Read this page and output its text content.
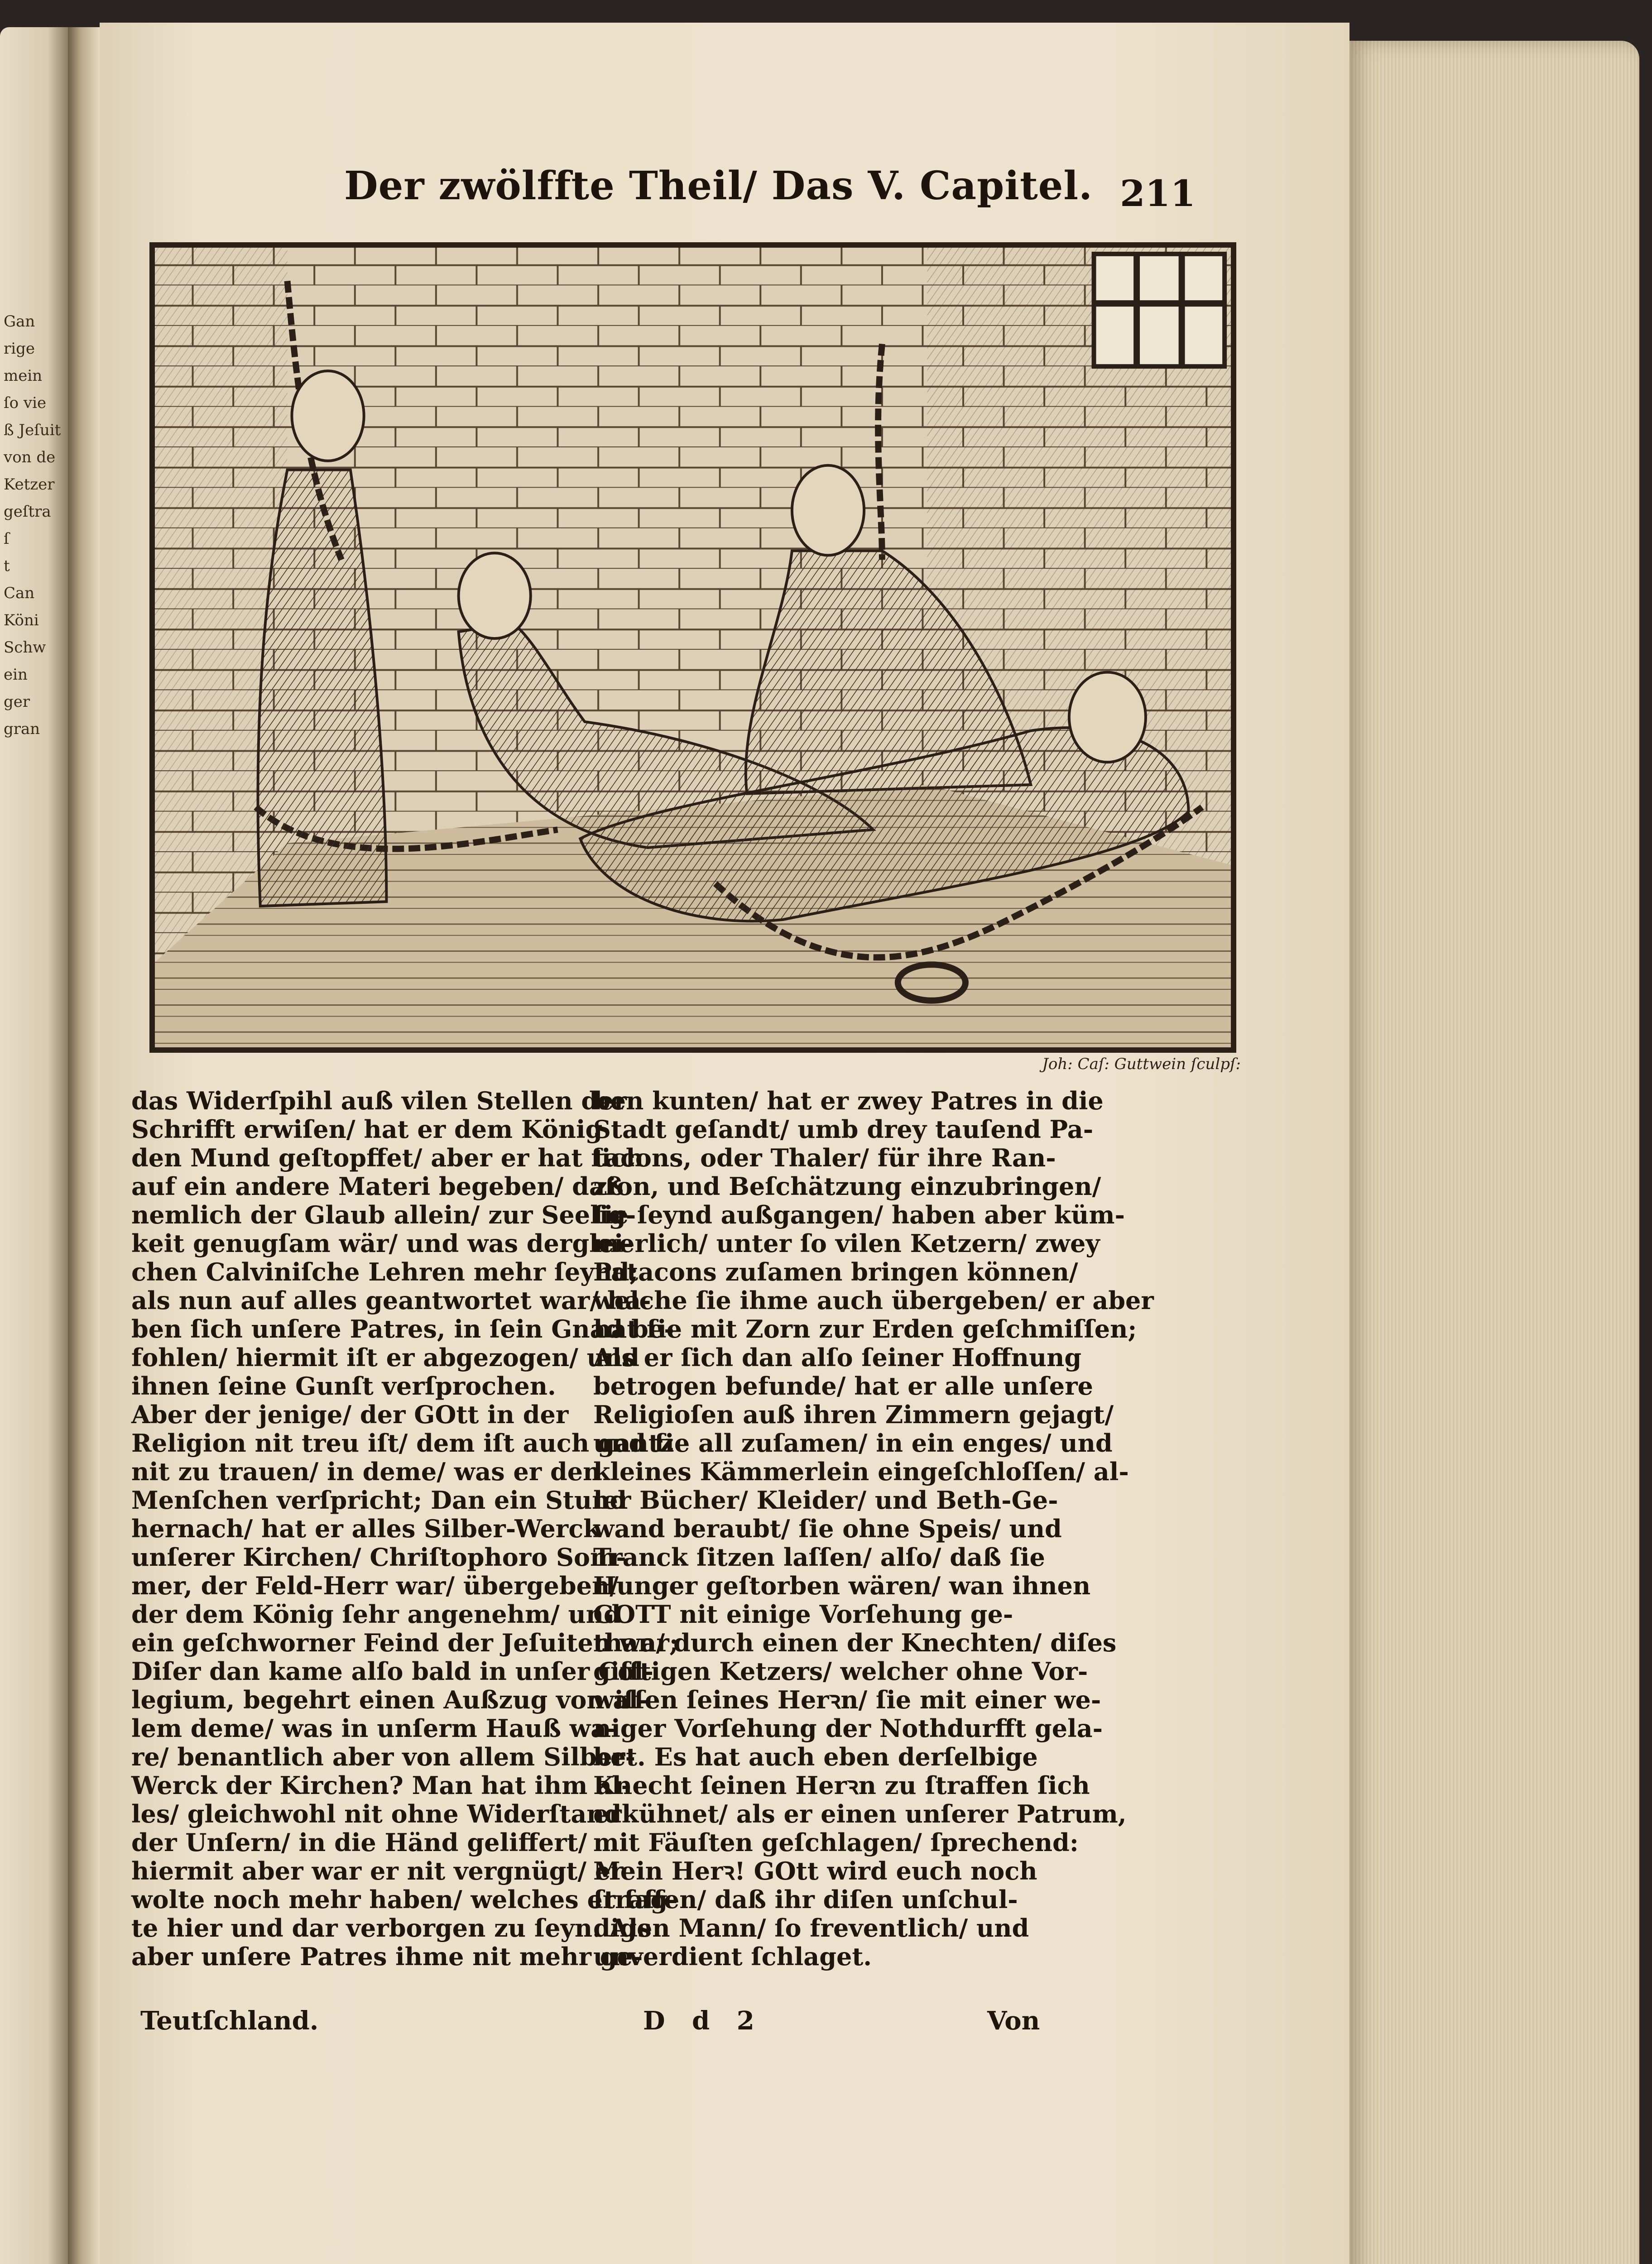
Gan
rige
mein
ſo vie
ß Jeſuit
von de
Ketzer
geſtra
ſ
t
Can
Köni
Schw
ein
ger
gran
Der zwölffte Theil/ Das V. Capitel. 211
Joh: Caſ: Guttwein ſculpſ:
das Widerſpihl auß vilen Stellen der
Schrifft erwiſen/ hat er dem König
den Mund geſtopffet/ aber er hat ſich
auf ein andere Materi begeben/ daß
nemlich der Glaub allein/ zur Seelig-
keit genugſam wär/ und was derglei-
chen Calviniſche Lehren mehr ſeynd;
als nun auf alles geantwortet war/ ha-
ben ſich unſere Patres, in ſein Gnad be-
fohlen/ hiermit iſt er abgezogen/ und
ihnen ſeine Gunſt verſprochen.
Aber der jenige/ der GOtt in der
Religion nit treu iſt/ dem iſt auch gantz
nit zu trauen/ in deme/ was er den
Menſchen verſpricht; Dan ein Stund
hernach/ hat er alles Silber-Werck
unſerer Kirchen/ Chriſtophoro Som-
mer, der Feld-Herr war/ übergeben/
der dem König ſehr angenehm/ und
ein geſchworner Feind der Jeſuiten war;
Diſer dan kame alſo bald in unſer Col-
legium, begehrt einen Außzug von al-
lem deme/ was in unſerm Hauß wa-
re/ benantlich aber von allem Silber-
Werck der Kirchen? Man hat ihm al-
les/ gleichwohl nit ohne Widerſtand
der Unſern/ in die Händ geliffert/
hiermit aber war er nit vergnügt/ er
wolte noch mehr haben/ welches er ſag-
te hier und dar verborgen zu ſeyn. Als
aber unſere Patres ihme nit mehr ge-
ben kunten/ hat er zwey Patres in die
Stadt geſandt/ umb drey tauſend Pa-
tacons, oder Thaler/ für ihre Ran-
zion, und Beſchätzung einzubringen/
ſie ſeynd außgangen/ haben aber küm-
merlich/ unter ſo vilen Ketzern/ zwey
Patacons zuſamen bringen können/
welche ſie ihme auch übergeben/ er aber
hat ſie mit Zorn zur Erden geſchmiſſen;
Als er ſich dan alſo ſeiner Hoffnung
betrogen befunde/ hat er alle unſere
Religioſen auß ihren Zimmern gejagt/
und ſie all zuſamen/ in ein enges/ und
kleines Kämmerlein eingeſchloſſen/ al-
ler Bücher/ Kleider/ und Beth-Ge-
wand beraubt/ ſie ohne Speis/ und
Tranck ſitzen laſſen/ alſo/ daß ſie
Hunger geſtorben wären/ wan ihnen
GOTT nit einige Vorſehung ge-
than/ durch einen der Knechten/ diſes
gifftigen Ketzers/ welcher ohne Vor-
wiſſen ſeines Herꝛn/ ſie mit einer we-
niger Vorſehung der Nothdurfft gela-
bet. Es hat auch eben derſelbige
Knecht ſeinen Herꝛn zu ſtraffen ſich
erkühnet/ als er einen unſerer Patrum,
mit Fäuſten geſchlagen/ ſprechend:
Mein Herꝛ! GOtt wird euch noch
ſtraffen/ daß ihr diſen unſchul-
digen Mann/ ſo freventlich/ und
unverdient ſchlaget.
Teutſchland.	D d 2	Von
